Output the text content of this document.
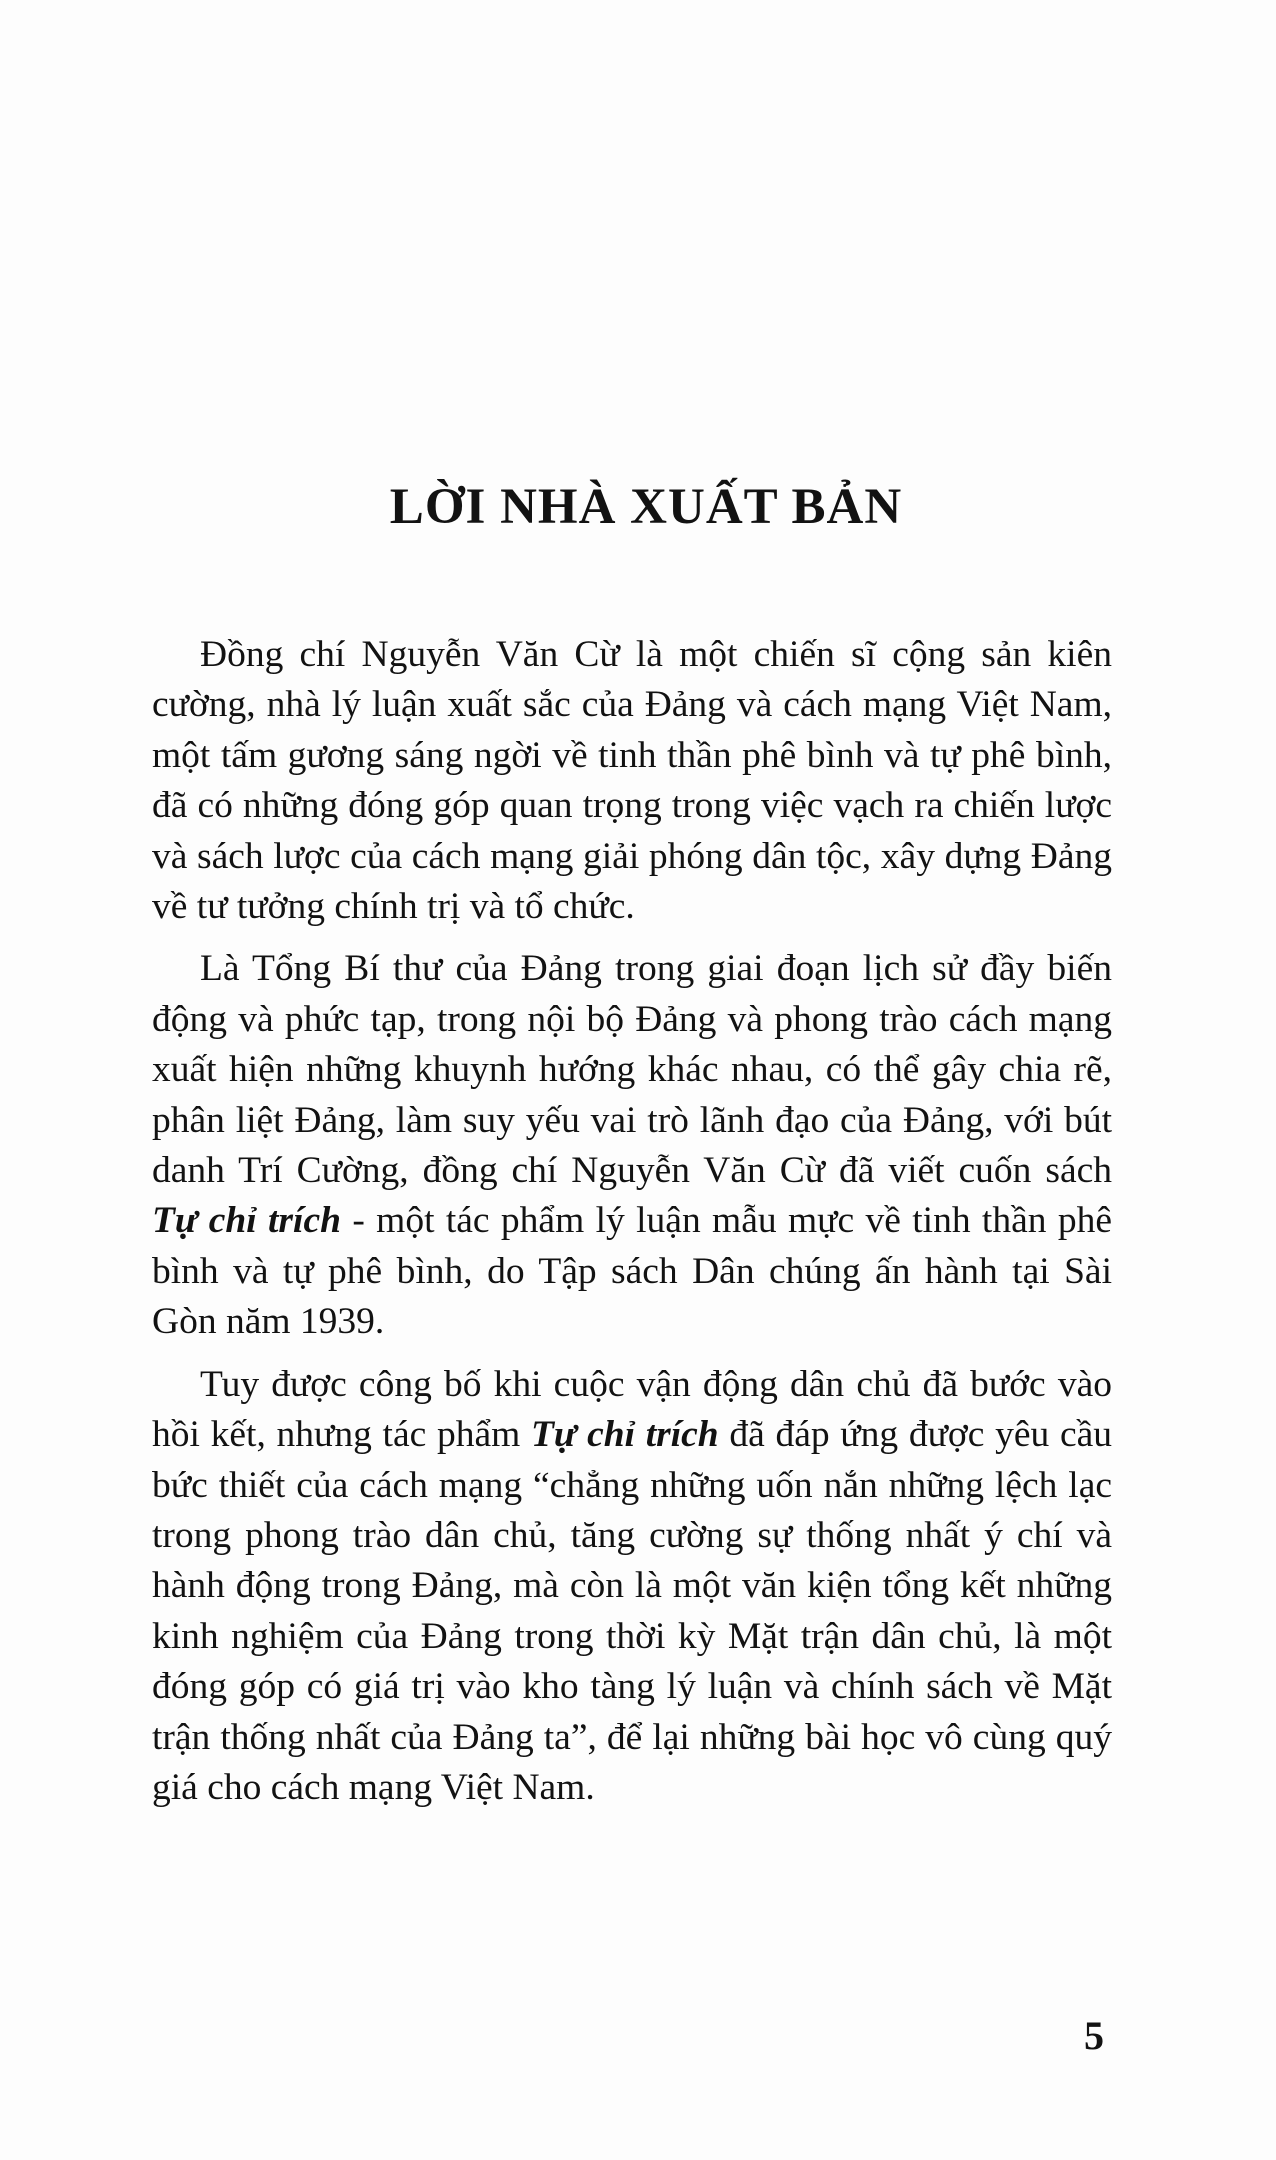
LỜI NHÀ XUẤT BẢN

Đồng chí Nguyễn Văn Cừ là một chiến sĩ cộng sản kiên cường, nhà lý luận xuất sắc của Đảng và cách mạng Việt Nam, một tấm gương sáng ngời về tinh thần phê bình và tự phê bình, đã có những đóng góp quan trọng trong việc vạch ra chiến lược và sách lược của cách mạng giải phóng dân tộc, xây dựng Đảng về tư tưởng chính trị và tổ chức.

Là Tổng Bí thư của Đảng trong giai đoạn lịch sử đầy biến động và phức tạp, trong nội bộ Đảng và phong trào cách mạng xuất hiện những khuynh hướng khác nhau, có thể gây chia rẽ, phân liệt Đảng, làm suy yếu vai trò lãnh đạo của Đảng, với bút danh Trí Cường, đồng chí Nguyễn Văn Cừ đã viết cuốn sách Tự chỉ trích - một tác phẩm lý luận mẫu mực về tinh thần phê bình và tự phê bình, do Tập sách Dân chúng ấn hành tại Sài Gòn năm 1939.

Tuy được công bố khi cuộc vận động dân chủ đã bước vào hồi kết, nhưng tác phẩm Tự chỉ trích đã đáp ứng được yêu cầu bức thiết của cách mạng “chẳng những uốn nắn những lệch lạc trong phong trào dân chủ, tăng cường sự thống nhất ý chí và hành động trong Đảng, mà còn là một văn kiện tổng kết những kinh nghiệm của Đảng trong thời kỳ Mặt trận dân chủ, là một đóng góp có giá trị vào kho tàng lý luận và chính sách về Mặt trận thống nhất của Đảng ta”, để lại những bài học vô cùng quý giá cho cách mạng Việt Nam.

5
